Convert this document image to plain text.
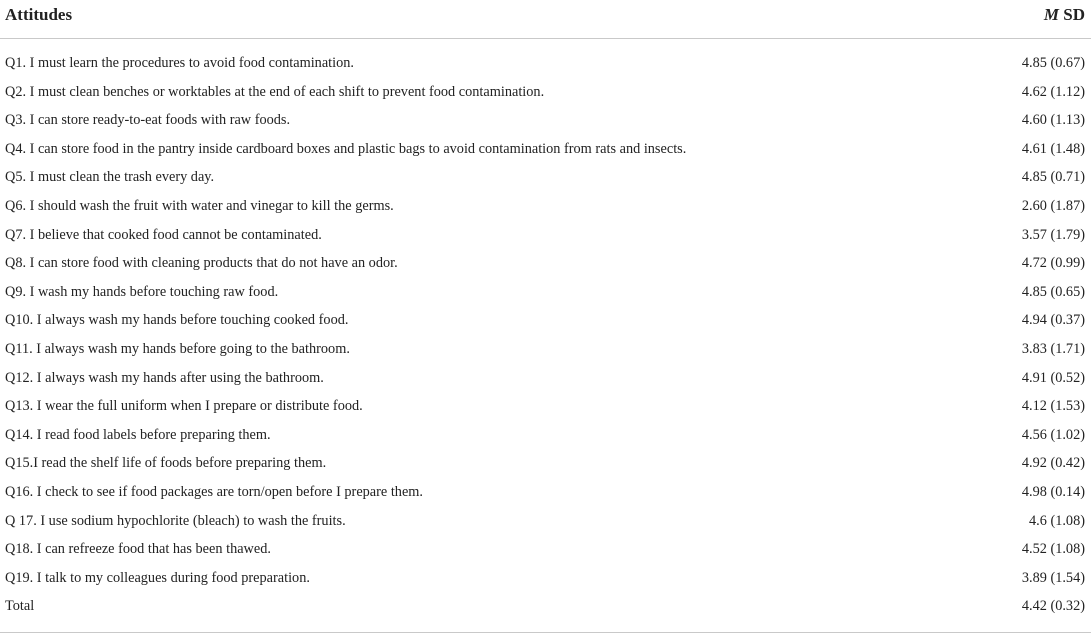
Attitudes	M SD
Q1. I must learn the procedures to avoid food contamination.	4.85 (0.67)
Q2. I must clean benches or worktables at the end of each shift to prevent food contamination.	4.62 (1.12)
Q3. I can store ready-to-eat foods with raw foods.	4.60 (1.13)
Q4. I can store food in the pantry inside cardboard boxes and plastic bags to avoid contamination from rats and insects.	4.61 (1.48)
Q5. I must clean the trash every day.	4.85 (0.71)
Q6. I should wash the fruit with water and vinegar to kill the germs.	2.60 (1.87)
Q7. I believe that cooked food cannot be contaminated.	3.57 (1.79)
Q8. I can store food with cleaning products that do not have an odor.	4.72 (0.99)
Q9. I wash my hands before touching raw food.	4.85 (0.65)
Q10. I always wash my hands before touching cooked food.	4.94 (0.37)
Q11. I always wash my hands before going to the bathroom.	3.83 (1.71)
Q12. I always wash my hands after using the bathroom.	4.91 (0.52)
Q13. I wear the full uniform when I prepare or distribute food.	4.12 (1.53)
Q14. I read food labels before preparing them.	4.56 (1.02)
Q15.I read the shelf life of foods before preparing them.	4.92 (0.42)
Q16. I check to see if food packages are torn/open before I prepare them.	4.98 (0.14)
Q 17. I use sodium hypochlorite (bleach) to wash the fruits.	4.6 (1.08)
Q18. I can refreeze food that has been thawed.	4.52 (1.08)
Q19. I talk to my colleagues during food preparation.	3.89 (1.54)
Total	4.42 (0.32)
